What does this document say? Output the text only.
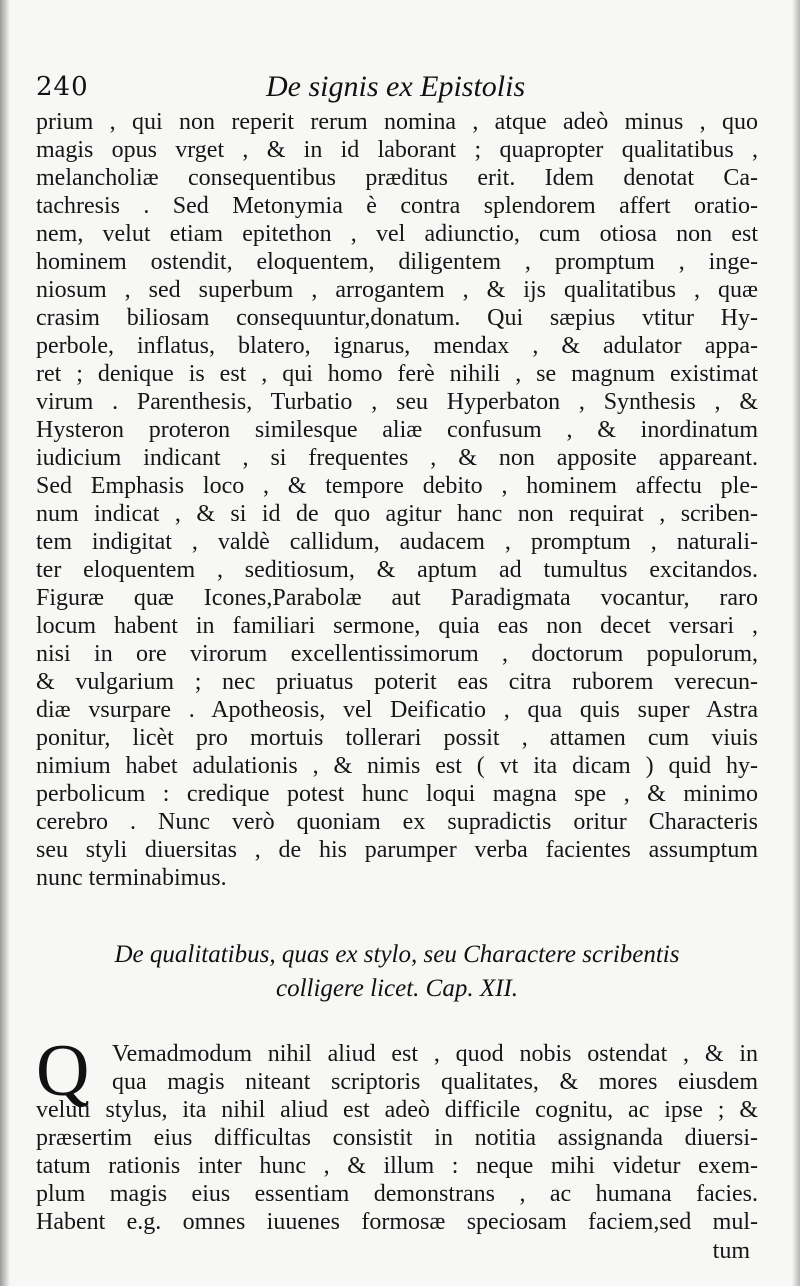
240	De signis ex Epistolis
prium , qui non reperit rerum nomina , atque adeò minus , quo
magis opus vrget , & in id laborant ; quapropter qualitatibus ,
melancholiæ consequentibus præditus erit. Idem denotat Ca-
tachresis . Sed Metonymia è contra splendorem affert oratio-
nem, velut etiam epitethon , vel adiunctio, cum otiosa non est
hominem ostendit, eloquentem, diligentem , promptum , inge-
niosum , sed superbum , arrogantem , & ijs qualitatibus , quæ
crasim biliosam consequuntur,donatum. Qui sæpius vtitur Hy-
perbole, inflatus, blatero, ignarus, mendax , & adulator appa-
ret ; denique is est , qui homo ferè nihili , se magnum existimat
virum . Parenthesis, Turbatio , seu Hyperbaton , Synthesis , &
Hysteron proteron similesque aliæ confusum , & inordinatum
iudicium indicant , si frequentes , & non apposite appareant.
Sed Emphasis loco , & tempore debito , hominem affectu ple-
num indicat , & si id de quo agitur hanc non requirat , scriben-
tem indigitat , valdè callidum, audacem , promptum , naturali-
ter eloquentem , seditiosum, & aptum ad tumultus excitandos.
Figuræ quæ Icones,Parabolæ aut Paradigmata vocantur, raro
locum habent in familiari sermone, quia eas non decet versari ,
nisi in ore virorum excellentissimorum , doctorum populorum,
& vulgarium ; nec priuatus poterit eas citra ruborem verecun-
diæ vsurpare . Apotheosis, vel Deificatio , qua quis super Astra
ponitur, licèt pro mortuis tollerari possit , attamen cum viuis
nimium habet adulationis , & nimis est ( vt ita dicam ) quid hy-
perbolicum : credique potest hunc loqui magna spe , & minimo
cerebro . Nunc verò quoniam ex supradictis oritur Characteris
seu styli diuersitas , de his parumper verba facientes assumptum
nunc terminabimus.
De qualitatibus, quas ex stylo, seu Charactere scribentis
colligere licet. Cap. XII.
Q Vemadmodum nihil aliud est , quod nobis ostendat , & in
qua magis niteant scriptoris qualitates, & mores eiusdem
veluti stylus, ita nihil aliud est adeò difficile cognitu, ac ipse ; &
præsertim eius difficultas consistit in notitia assignanda diuersi-
tatum rationis inter hunc , & illum : neque mihi videtur exem-
plum magis eius essentiam demonstrans , ac humana facies.
Habent e.g. omnes iuuenes formosæ speciosam faciem,sed mul-
tum
